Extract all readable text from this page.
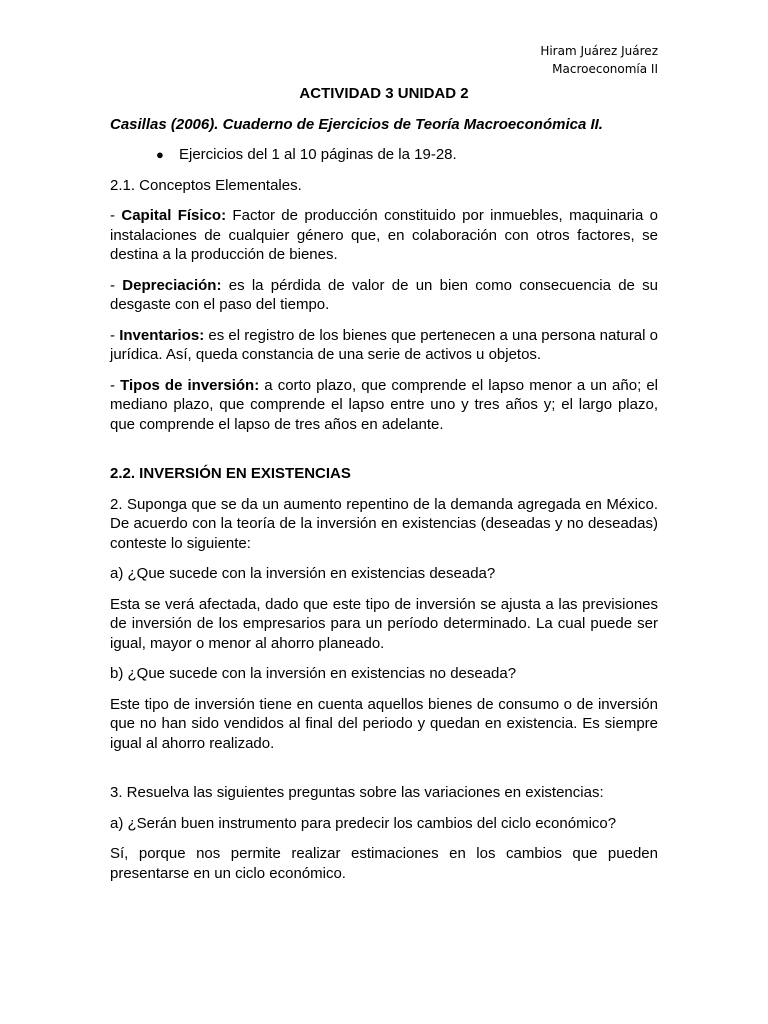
Hiram Juárez Juárez
Macroeconomía II

ACTIVIDAD 3 UNIDAD 2

Casillas (2006). Cuaderno de Ejercicios de Teoría Macroeconómica II.

●	Ejercicios del 1 al 10 páginas de la 19-28.

2.1. Conceptos Elementales.

- Capital Físico: Factor de producción constituido por inmuebles, maquinaria o instalaciones de cualquier género que, en colaboración con otros factores, se destina a la producción de bienes.

- Depreciación: es la pérdida de valor de un bien como consecuencia de su desgaste con el paso del tiempo.

- Inventarios: es el registro de los bienes que pertenecen a una persona natural o jurídica. Así, queda constancia de una serie de activos u objetos.

- Tipos de inversión: a corto plazo, que comprende el lapso menor a un año; el mediano plazo, que comprende el lapso entre uno y tres años y; el largo plazo, que comprende el lapso de tres años en adelante.

2.2. INVERSIÓN EN EXISTENCIAS

2. Suponga que se da un aumento repentino de la demanda agregada en México. De acuerdo con la teoría de la inversión en existencias (deseadas y no deseadas) conteste lo siguiente:

a) ¿Que sucede con la inversión en existencias deseada?

Esta se verá afectada, dado que este tipo de inversión se ajusta a las previsiones de inversión de los empresarios para un período determinado. La cual puede ser igual, mayor o menor al ahorro planeado.

b) ¿Que sucede con la inversión en existencias no deseada?

Este tipo de inversión tiene en cuenta aquellos bienes de consumo o de inversión que no han sido vendidos al final del periodo y quedan en existencia. Es siempre igual al ahorro realizado.

3. Resuelva las siguientes preguntas sobre las variaciones en existencias:

a) ¿Serán buen instrumento para predecir los cambios del ciclo económico?

Sí, porque nos permite realizar estimaciones en los cambios que pueden presentarse en un ciclo económico.
